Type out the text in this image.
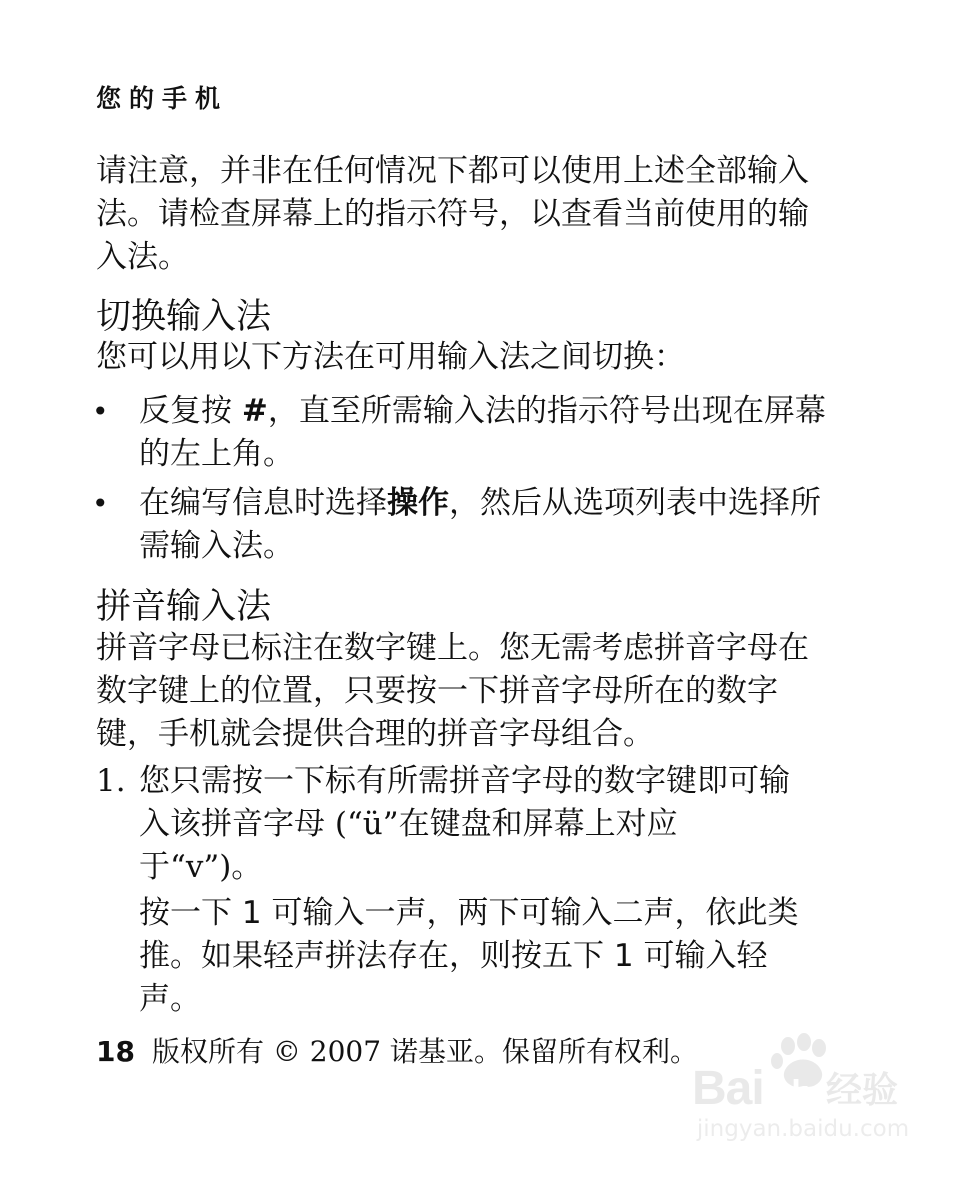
您的手机
请注意，并非在任何情况下都可以使用上述全部输入法。请检查屏幕上的指示符号，以查看当前使用的输入法。
切换输入法
您可以用以下方法在可用输入法之间切换：
• 反复按 #，直至所需输入法的指示符号出现在屏幕的左上角。
• 在编写信息时选择操作，然后从选项列表中选择所需输入法。
拼音输入法
拼音字母已标注在数字键上。您无需考虑拼音字母在数字键上的位置，只要按一下拼音字母所在的数字键，手机就会提供合理的拼音字母组合。
1. 您只需按一下标有所需拼音字母的数字键即可输入该拼音字母 (“ü”在键盘和屏幕上对应于“v”)。
按一下 1 可输入一声，两下可输入二声，依此类推。如果轻声拼法存在，则按五下 1 可输入轻声。
18 版权所有 © 2007 诺基亚。保留所有权利。
Bai du 经验
jingyan.baidu.com
